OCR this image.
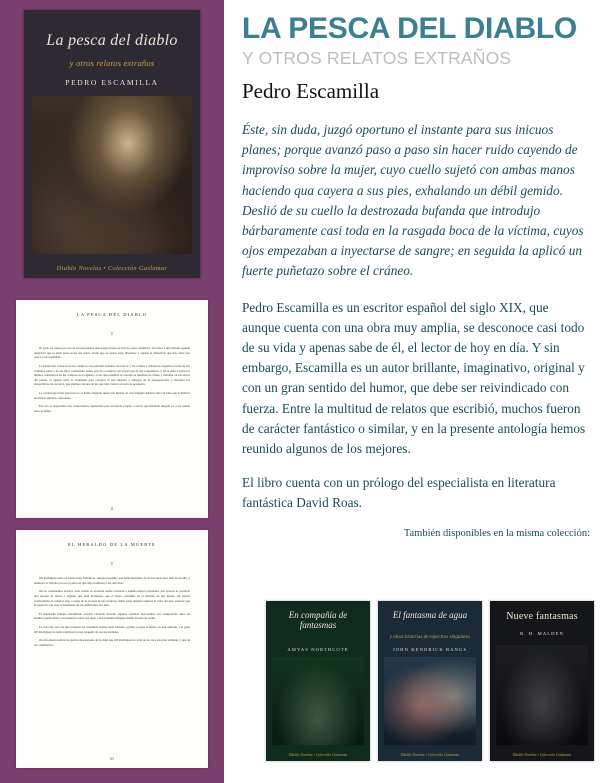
La pesca del diablo
y otros relatos extraños
PEDRO ESCAMILLA
Diablo Novelas • Colección Gaslamar
LA PESCA DEL DIABLO
I

Oí pudo ser nueve por eso de los pescadores más desgraciados de toda la costa cantábrica, sin sabor a qué atribuir aquella desgracia que le tenía pasto noter sus redes, desde que su suerte supo divertirse y apenas la diferencia que hay entre una cueva y un realizable.

La plantación cruzaron de las cuadrosa, las puntadas tienden, los barcos y las colinas y soñadoras angustias, botan de sus valientes sobre y de sus hitos construidos redes, para si a comprar con su pica las de sus compañeros, y Oí se daba a todos los diablos consolarlos en las compras de la Iglesia, al ser que retentiva la oración se llenaban de clamo y tristallar en las tascas del puerto, el apenas tenía lo realmente para comprar el pan muestra y amargar de la desesperación, y morailas los desperdicios de su barca, que siempre sin una de las que más valorar en toda su pesquería.

La verdad que hasta entonces no se había alegrado nunca tan injusta, ni casi ninguno habiera sido tan bien que le hubiera alcanzado muchos consolarse.

Eso era se desprendía una consecuencia deplorable para su mucre propio, a salvar que haltando llegado ya a los treinta años su habla.

11
EL HERALDO DE LA MUERTE
I

Oíl Rodríguez tenía un bueno muy formidora, aunque pequeño; que había heredado de su dos lucía pero más de un año, y mantuvo el vínculo por un el punto en que deja continuar a tus artículos.

Oía se consistentes dolores, ante cuanto se tornaron tenías rostrarán a aquella estepa propiedad, que aprecia lo producía una docena de latosa y algunas que oían hortalizas, que el mozo consumía en el término de dos meses, sin siendo acomodando el comprar algo a causa de la escasez de sus recursos; debía pasar algunas réplicas al calor del aire; explicar que él esperaba con todo el fanelismo de sus dimisiones dos días.

El muchacho habiera intermitido oración viviendo heredar algunos cantidad mercantiles, ser comprendía como un hombre puede morir a los nuestros sobre ese dejar a sus parientes ninguna media docena de reales.

La casa del caso era que el huerto no constituía apenas nada tornada a grillar, porque el huerto, ni aun señorial, y él gana Oíl Rodríguez no tenía satisfacer la tasa pequeña de sus necesidades.

Oía fin observaremos las gentes descargadas de la aldea que Oíl Rodríguez no salía de su casa, sin estar ardiente, y que de los centímetros.

63
LA PESCA DEL DIABLO
Y OTROS RELATOS EXTRAÑOS
Pedro Escamilla
Éste, sin duda, juzgó oportuno el instante para sus inicuos planes; porque avanzó paso a paso sin hacer ruido cayendo de improviso sobre la mujer, cuyo cuello sujetó con ambas manos haciendo qua cayera a sus pies, exhalando un débil gemido. Deslió de su cuello la destrozada bufanda que introdujo bárbaramente casi toda en la rasgada boca de la víctima, cuyos ojos empezaban a inyectarse de sangre; en seguida la aplicó un fuerte puñetazo sobre el cráneo.
Pedro Escamilla es un escritor español del siglo XIX, que aunque cuenta con una obra muy amplia, se desconoce casi todo de su vida y apenas sabe de él, el lector de hoy en día. Y sin embargo, Escamilla es un autor brillante, imaginativo, original y con un gran sentido del humor, que debe ser reivindicado con fuerza. Entre la multitud de relatos que escribió, muchos fueron de carácter fantástico o similar, y en la presente antología hemos reunido algunos de los mejores.
El libro cuenta con un prólogo del especialista en literatura fantástica David Roas.
También disponibles en la misma colección:
En compañía de fantasmas
AMYAS NORTHCOTE
Diablo Novelas • Colección Gaslamar
El fantasma de agua
y otras historias de espectros singulares
JOHN KENDRICK BANGS
Diablo Novelas • Colección Gaslamar
Nueve fantasmas
R. H. MALDEN
Diablo Novelas • Colección Gaslamar
